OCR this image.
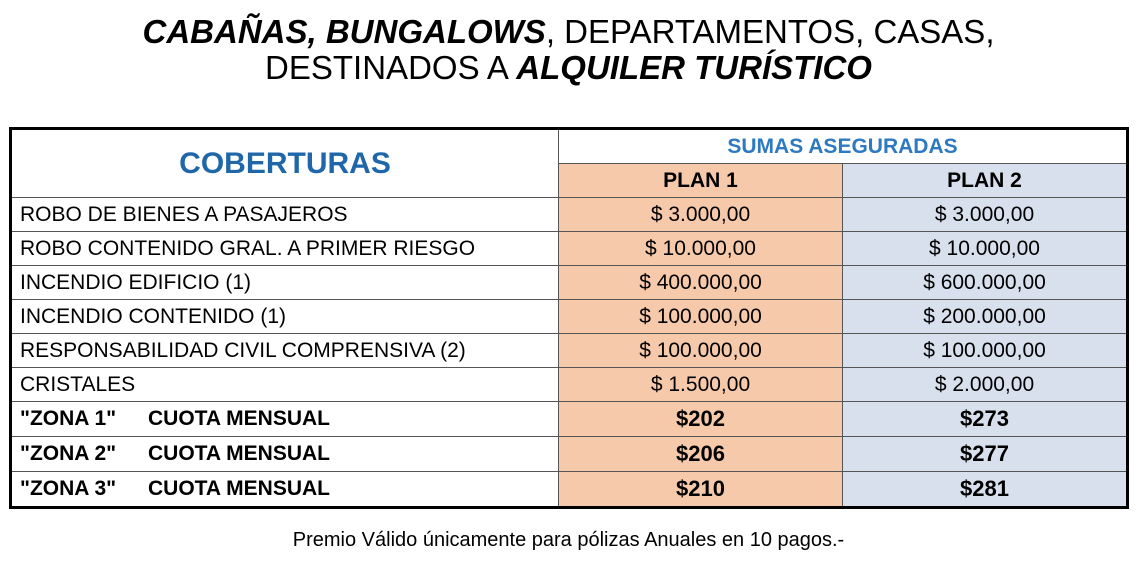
CABAÑAS, BUNGALOWS, DEPARTAMENTOS, CASAS,
DESTINADOS A ALQUILER TURÍSTICO
COBERTURAS	SUMAS ASEGURADAS	
	PLAN 1	PLAN 2
ROBO DE BIENES A PASAJEROS	$ 3.000,00	$ 3.000,00
ROBO CONTENIDO GRAL. A PRIMER RIESGO	$ 10.000,00	$ 10.000,00
INCENDIO EDIFICIO (1)	$ 400.000,00	$ 600.000,00
INCENDIO CONTENIDO (1)	$ 100.000,00	$ 200.000,00
RESPONSABILIDAD CIVIL COMPRENSIVA (2)	$ 100.000,00	$ 100.000,00
CRISTALES	$ 1.500,00	$ 2.000,00
"ZONA 1" CUOTA MENSUAL	$202	$273
"ZONA 2" CUOTA MENSUAL	$206	$277
"ZONA 3" CUOTA MENSUAL	$210	$281
Premio Válido únicamente para pólizas Anuales en 10 pagos.-
